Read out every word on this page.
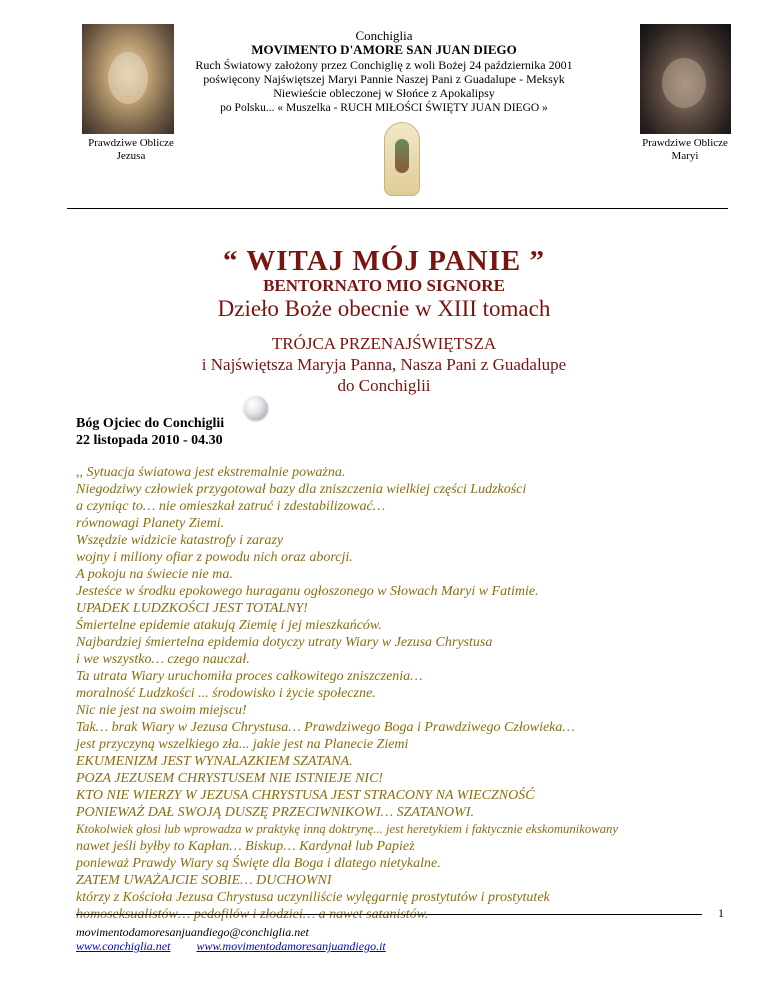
Conchiglia
MOVIMENTO D'AMORE SAN JUAN DIEGO
Ruch Światowy założony przez Conchiglię z woli Bożej 24 października 2001
poświęcony Najświętszej Maryi Pannie Naszej Pani z Guadalupe - Meksyk
Niewieście obleczonej w Słońce z Apokalipsy
po Polsku... « Muszelka - RUCH MIŁOŚCI ŚWIĘTY JUAN DIEGO »
Prawdziwe Oblicze
Jezusa
Prawdziwe Oblicze
Maryi
“ WITAJ MÓJ PANIE ”
BENTORNATO MIO SIGNORE
Dzieło Boże obecnie w XIII tomach
TRÓJCA PRZENAJŚWIĘTSZA
i Najświętsza Maryja Panna, Nasza Pani z Guadalupe
do Conchiglii
Bóg Ojciec do Conchiglii
22 listopada 2010 - 04.30
,, Sytuacja światowa jest ekstremalnie poważna.
Niegodziwy człowiek przygotował bazy dla zniszczenia wielkiej części Ludzkości
a czyniąc to… nie omieszkał zatruć i zdestabilizować…
równowagi Planety Ziemi.
Wszędzie widzicie katastrofy i zarazy
wojny i miliony ofiar z powodu nich oraz aborcji.
A pokoju na świecie nie ma.
Jesteśce w środku epokowego huraganu ogłoszonego w Słowach Maryi w Fatimie.
UPADEK LUDZKOŚCI JEST TOTALNY!
Śmiertelne epidemie atakują Ziemię i jej mieszkańców.
Najbardziej śmiertelna epidemia dotyczy utraty Wiary w Jezusa Chrystusa
i we wszystko… czego nauczał.
Ta utrata Wiary uruchomiła proces całkowitego zniszczenia…
moralność Ludzkości ... środowisko i życie społeczne.
Nic nie jest na swoim miejscu!
Tak… brak Wiary w Jezusa Chrystusa… Prawdziwego Boga i Prawdziwego Człowieka…
jest przyczyną wszelkiego zła... jakie jest na Planecie Ziemi
EKUMENIZM JEST WYNALAZKIEM SZATANA.
POZA JEZUSEM CHRYSTUSEM NIE ISTNIEJE NIC!
KTO NIE WIERZY W JEZUSA CHRYSTUSA JEST STRACONY NA WIECZNOŚĆ
PONIEWAŻ DAŁ SWOJĄ DUSZĘ PRZECIWNIKOWI… SZATANOWI.
Ktokolwiek głosi lub wprowadza w praktykę inną doktrynę... jest heretykiem i faktycznie ekskomunikowany
nawet jeśli byłby to Kapłan… Biskup… Kardynał lub Papież
ponieważ Prawdy Wiary są Święte dla Boga i dlatego nietykalne.
ZATEM UWAŻAJCIE SOBIE… DUCHOWNI
którzy z Kościoła Jezusa Chrystusa uczyniliście wylęgarnię prostytutów i prostytutek
homoseksualistów… pedofilów i złodziei… a nawet satanistów.	1
movimentodamoresanjuandiego@conchiglia.net
www.conchiglia.net www.movimentodamoresanjuandiego.it
